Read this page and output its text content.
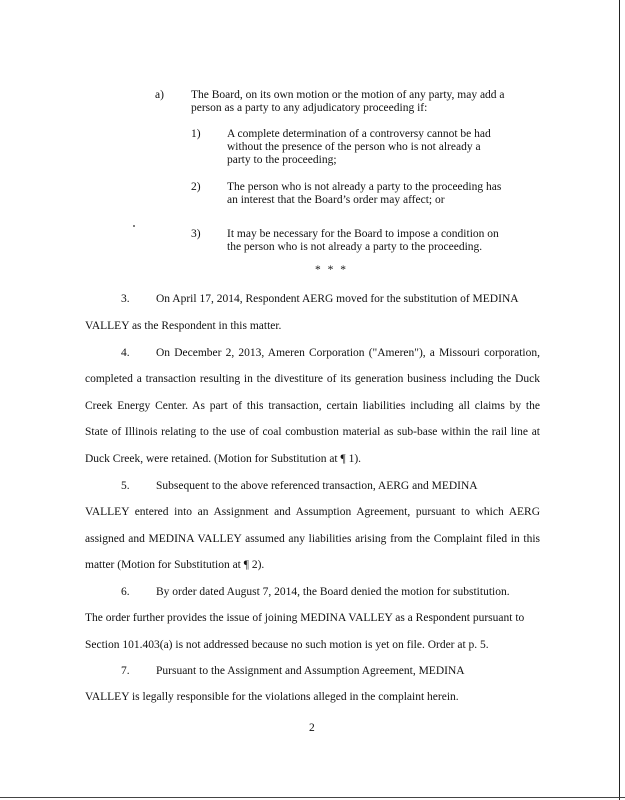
a) The Board, on its own motion or the motion of any party, may add a
person as a party to any adjudicatory proceeding if:
1) A complete determination of a controversy cannot be had
without the presence of the person who is not already a
party to the proceeding;
2) The person who is not already a party to the proceeding has
an interest that the Board’s order may affect; or
3) It may be necessary for the Board to impose a condition on
the person who is not already a party to the proceeding.
* * *
3. On April 17, 2014, Respondent AERG moved for the substitution of MEDINA
VALLEY as the Respondent in this matter.
4. On December 2, 2013, Ameren Corporation ("Ameren"), a Missouri corporation,
completed a transaction resulting in the divestiture of its generation business including the Duck
Creek Energy Center. As part of this transaction, certain liabilities including all claims by the
State of Illinois relating to the use of coal combustion material as sub-base within the rail line at
Duck Creek, were retained. (Motion for Substitution at ¶ 1).
5. Subsequent to the above referenced transaction, AERG and MEDINA
VALLEY entered into an Assignment and Assumption Agreement, pursuant to which AERG
assigned and MEDINA VALLEY assumed any liabilities arising from the Complaint filed in this
matter (Motion for Substitution at ¶ 2).
6. By order dated August 7, 2014, the Board denied the motion for substitution.
The order further provides the issue of joining MEDINA VALLEY as a Respondent pursuant to
Section 101.403(a) is not addressed because no such motion is yet on file. Order at p. 5.
7. Pursuant to the Assignment and Assumption Agreement, MEDINA
VALLEY is legally responsible for the violations alleged in the complaint herein.
2
